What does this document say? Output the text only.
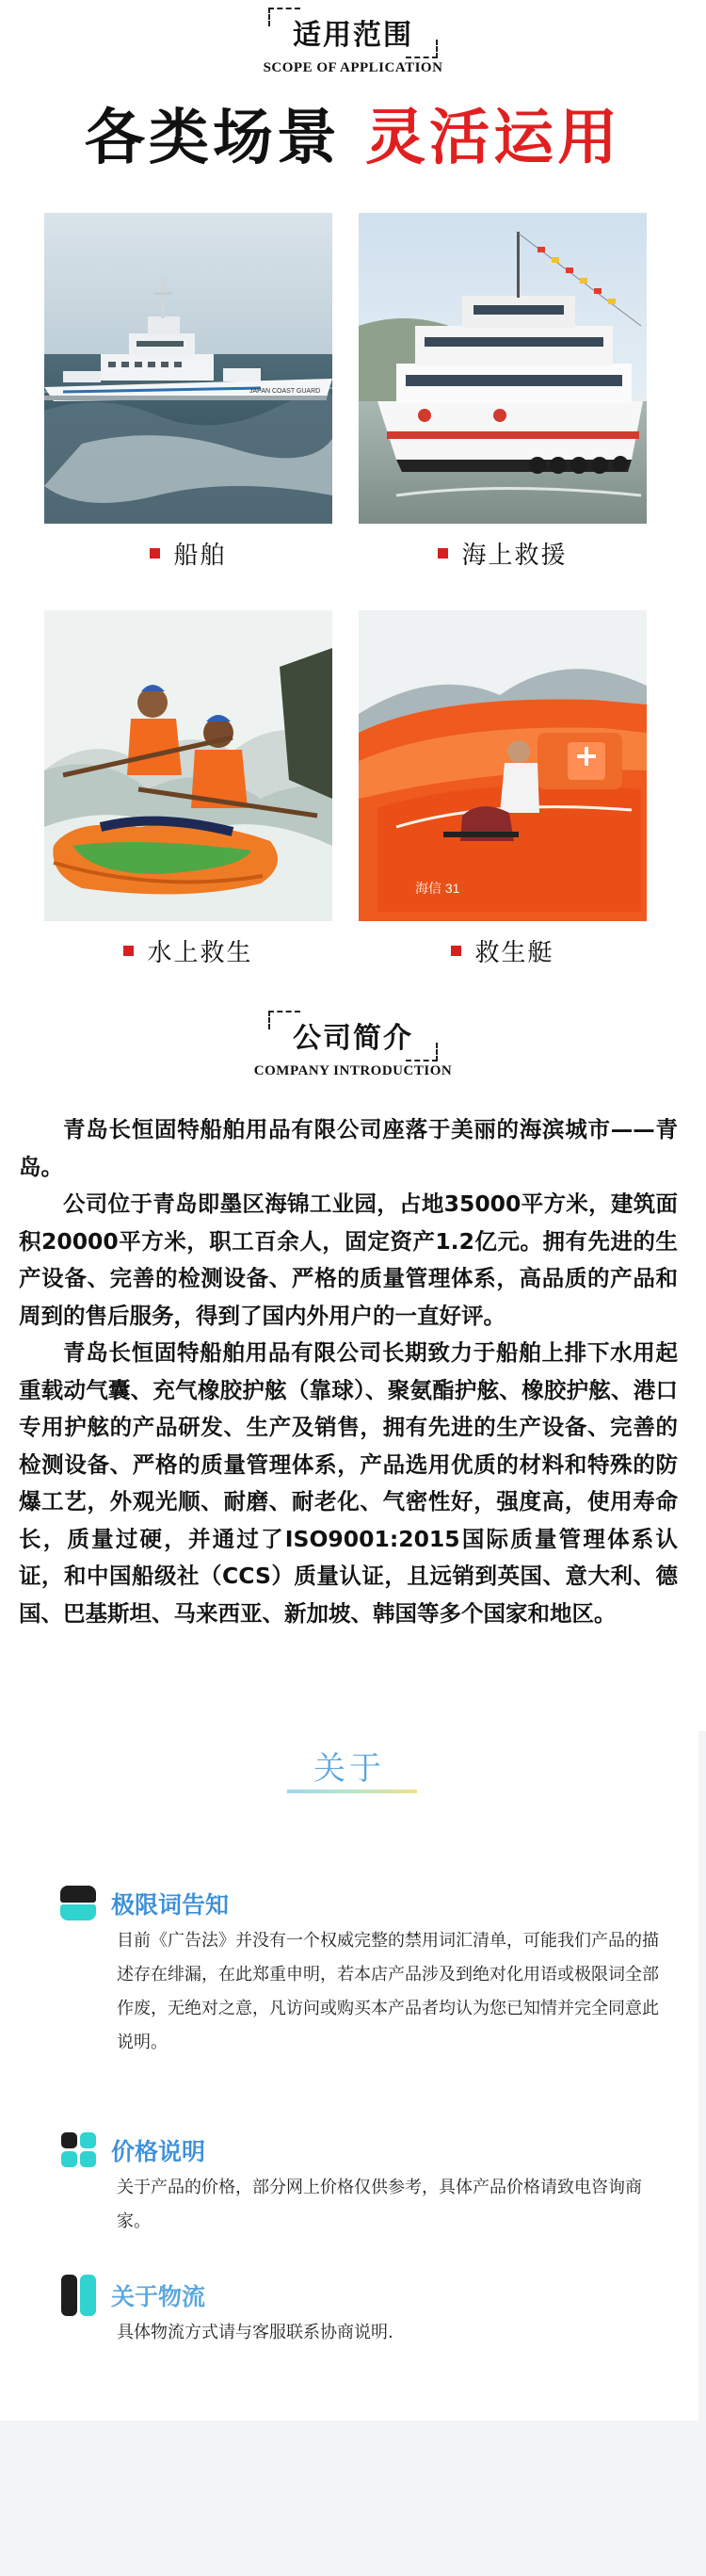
适用范围
SCOPE OF APPLICATION
各类场景 灵活运用
JAPAN COAST GUARD
船舶	海上救援
水上救生
海信 31
救生艇
公司简介
COMPANY INTRODUCTION

青岛长恒固特船舶用品有限公司座落于美丽的海滨城市——青岛。

公司位于青岛即墨区海锦工业园，占地35000平方米，建筑面积20000平方米，职工百余人，固定资产1.2亿元。拥有先进的生产设备、完善的检测设备、严格的质量管理体系，高品质的产品和周到的售后服务，得到了国内外用户的一直好评。

青岛长恒固特船舶用品有限公司长期致力于船舶上排下水用起重载动气囊、充气橡胶护舷（靠球）、聚氨酯护舷、橡胶护舷、港口专用护舷的产品研发、生产及销售，拥有先进的生产设备、完善的检测设备、严格的质量管理体系，产品选用优质的材料和特殊的防爆工艺，外观光顺、耐磨、耐老化、气密性好，强度高，使用寿命长，质量过硬，并通过了ISO9001:2015国际质量管理体系认证，和中国船级社（CCS）质量认证，且远销到英国、意大利、德国、巴基斯坦、马来西亚、新加坡、韩国等多个国家和地区。

关于
极限词告知
目前《广告法》并没有一个权威完整的禁用词汇清单，可能我们产品的描述存在绯漏，在此郑重申明，若本店产品涉及到绝对化用语或极限词全部作废，无绝对之意，凡访问或购买本产品者均认为您已知情并完全同意此说明。
价格说明
关于产品的价格，部分网上价格仅供参考，具体产品价格请致电咨询商家。
关于物流
具体物流方式请与客服联系协商说明.
